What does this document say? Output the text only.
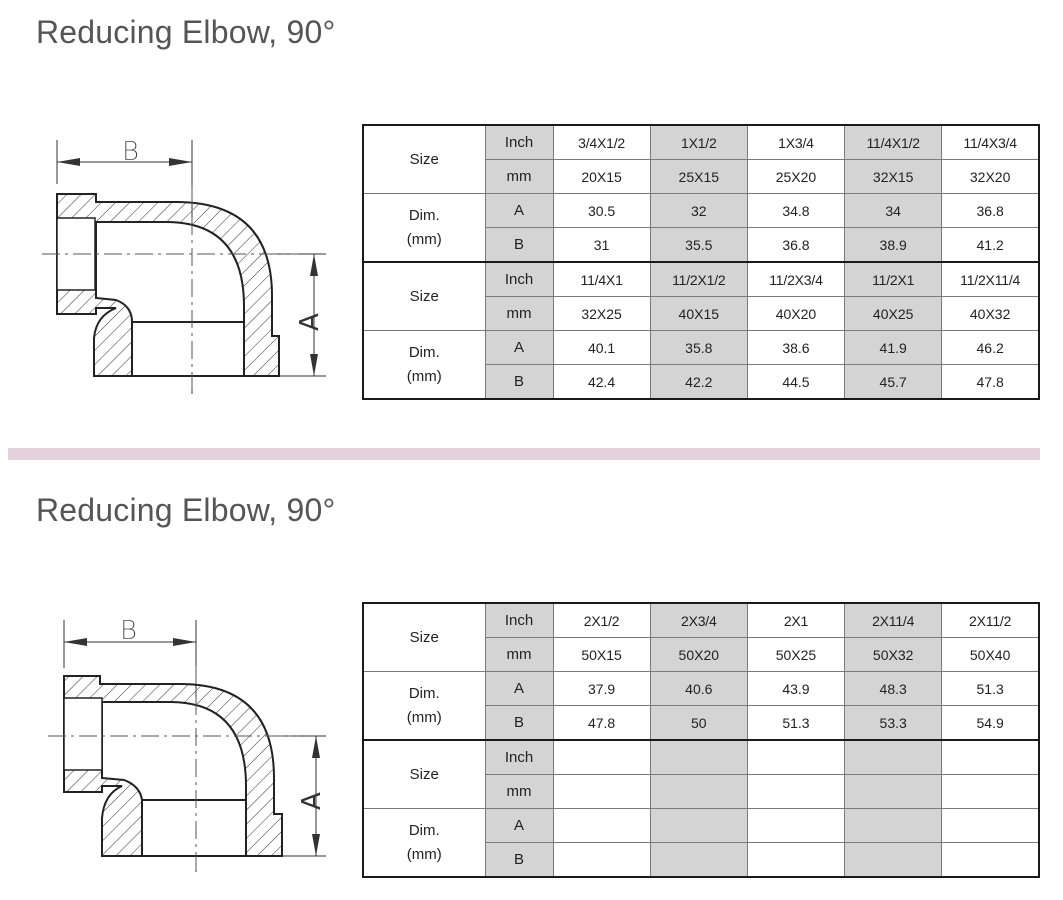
Reducing Elbow, 90°
B
A
Size	Inch	3/4X1/2	1X1/2	1X3/4	11/4X1/2	11/4X3/4
	mm	20X15	25X15	25X20	32X15	32X20

Dim.
(mm)	A	30.5	32	34.8	34	36.8
	B	31	35.5	36.8	38.9	41.2
Size	Inch	11/4X1	11/2X1/2	11/2X3/4	11/2X1	11/2X11/4
	mm	32X25	40X15	40X20	40X25	40X32

Dim.
(mm)	A	40.1	35.8	38.6	41.9	46.2
	B	42.4	42.2	44.5	45.7	47.8
Reducing Elbow, 90°
B
A
Size	Inch	2X1/2	2X3/4	2X1	2X11/4	2X11/2
	mm	50X15	50X20	50X25	50X32	50X40

Dim.
(mm)	A	37.9	40.6	43.9	48.3	51.3
	B	47.8	50	51.3	53.3	54.9
Size	Inch					
	mm					

Dim.
(mm)	A					
	B					
